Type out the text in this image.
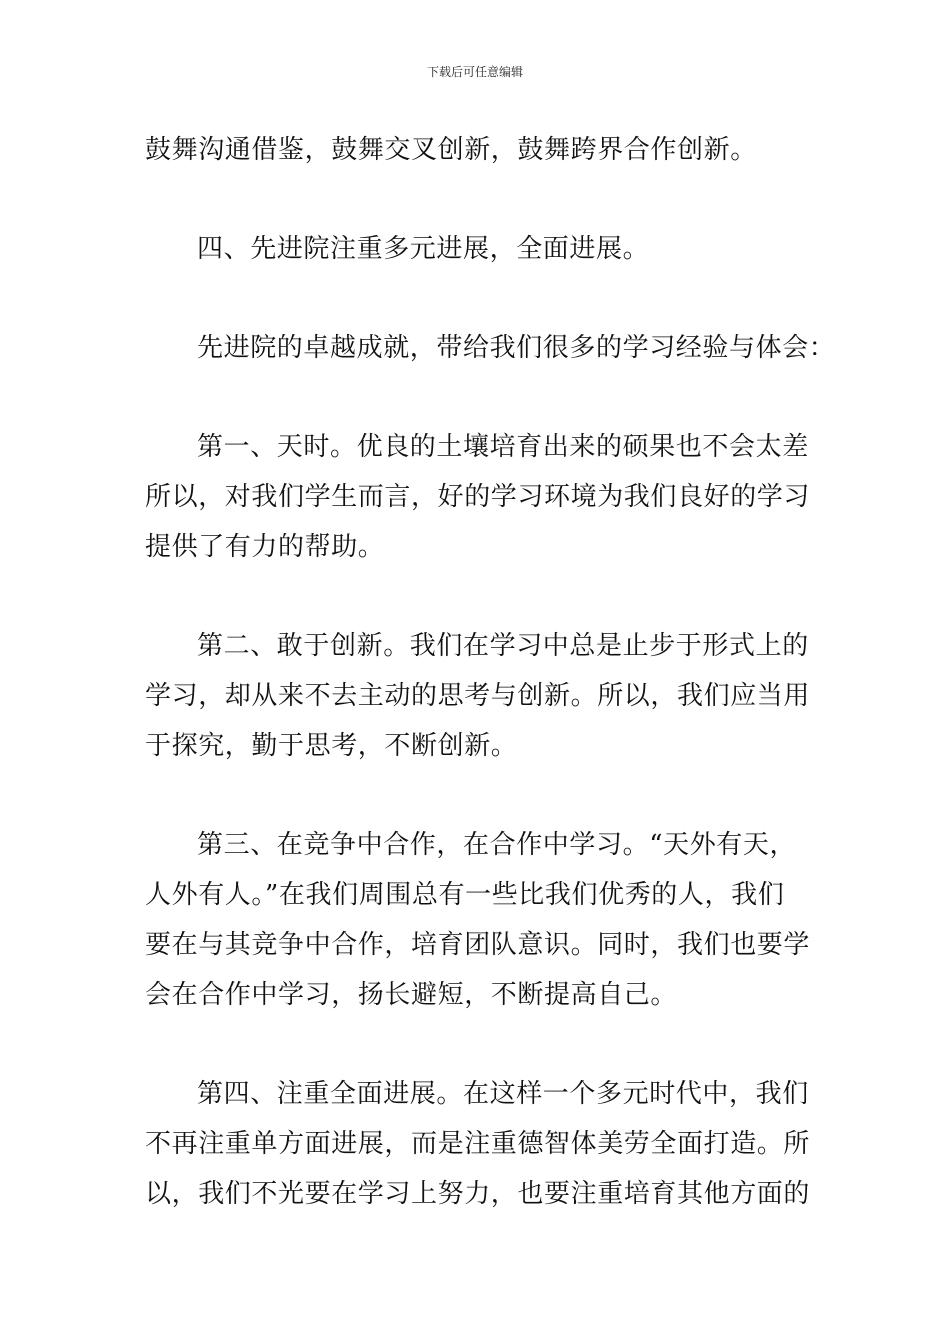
下载后可任意编辑

鼓舞沟通借鉴，鼓舞交叉创新，鼓舞跨界合作创新。

四、先进院注重多元进展，全面进展。

先进院的卓越成就，带给我们很多的学习经验与体会：

第一、天时。优良的土壤培育出来的硕果也不会太差
所以，对我们学生而言，好的学习环境为我们良好的学习
提供了有力的帮助。

第二、敢于创新。我们在学习中总是止步于形式上的
学习，却从来不去主动的思考与创新。所以，我们应当用
于探究，勤于思考，不断创新。

第三、在竞争中合作，在合作中学习。“天外有天，
人外有人。”在我们周围总有一些比我们优秀的人，我们
要在与其竞争中合作，培育团队意识。同时，我们也要学
会在合作中学习，扬长避短，不断提高自己。

第四、注重全面进展。在这样一个多元时代中，我们
不再注重单方面进展，而是注重德智体美劳全面打造。所
以，我们不光要在学习上努力，也要注重培育其他方面的
